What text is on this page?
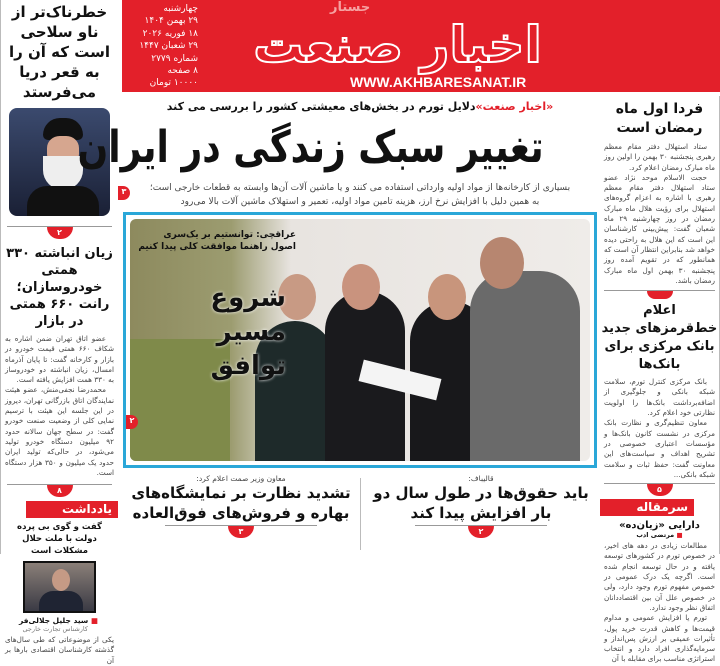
جستار
اخبار صنعت
WWW.AKHBARESANAT.IR
چهارشنبه
۲۹ بهمن ۱۴۰۴
۱۸ فوریه ۲۰۲۶
۲۹ شعبان ۱۴۴۷
شماره ۲۷۷۹
۸ صفحه
۱۰۰۰۰ تومان
خطرناک‌تر از ناو سلاحی است که آن را به قعر دریا می‌فرستد
۲
زیان انباشته ۳۳۰ همتی خودروسازان؛ رانت ۶۶۰ همتی در بازار

عضو اتاق تهران ضمن اشاره به شکاف ۶۶۰ همتی قیمت خودرو در بازار و کارخانه گفت: تا پایان آذرماه امسال، زیان انباشته دو خودروساز به ۳۳۰ همت افزایش یافته است.

محمدرضا نجفی‌منش، عضو هیئت نمایندگان اتاق بازرگانی تهران، دیروز در این جلسه این هیئت با ترسیم نمایی کلی از وضعیت صنعت خودرو گفت: در سطح جهان سالانه حدود ۹۲ میلیون دستگاه خودرو تولید می‌شود، در حالی‌که تولید ایران حدود یک میلیون و ۳۵۰ هزار دستگاه است.

۸
یادداشت
گفت و گوی بی پرده دولت با ملت حلال مشکلات است
■ سید جلیل جلالی‌فر
کارشناس تجارت خارجی

یکی از موضوعاتی که طی سال‌های گذشته کارشناسان اقتصادی بارها بر آن

«اخبار صنعت»دلایل تورم در بخش‌های معیشتی کشور را بررسی می کند
تغییر سبک زندگی در ایران
بسیاری از کارخانه‌ها از مواد اولیه وارداتی استفاده می کنند و یا ماشین آلات آن‌ها وابسته به قطعات خارجی است؛
به همین دلیل با افزایش نرخ ارز، هزینه تامین مواد اولیه، تعمیر و استهلاک ماشین آلات بالا می‌رود
۳
عراقچی: توانستیم بر یک‌سری اصول راهنما موافقت کلی پیدا کنیم
شروع مسیر توافق
۲
قالیباف:
باید حقوق‌ها در طول سال دو بار افزایش پیدا کند
۲
معاون وزیر صمت اعلام کرد:
تشدید نظارت بر نمایشگاه‌های بهاره و فروش‌های فوق‌العاده
۳
فردا اول ماه رمضان است

ستاد استهلال دفتر مقام معظم رهبری پنجشنبه ۳۰ بهمن را اولین روز ماه مبارک رمضان اعلام کرد.

حجت الاسلام موحد نژاد عضو ستاد استهلال دفتر مقام معظم رهبری با اشاره به اعزام گروه‌های استهلال برای رؤیت هلال ماه مبارک رمضان در روز چهارشنبه ۲۹ ماه شعبان گفت: پیش‌بینی کارشناسان این است که این هلال به راحتی دیده خواهد شد بنابراین انتظار آن است که همانطور که در تقویم آمده روز پنجشنبه ۳۰ بهمن اول ماه مبارک رمضان باشد.

اعلام خط‌قرمزهای جدید بانک مرکزی برای بانک‌ها

بانک مرکزی کنترل تورم، سلامت شبکه بانکی و جلوگیری از اضافه‌برداشت بانک‌ها را اولویت نظارتی خود اعلام کرد.

معاون تنظیم‌گری و نظارت بانک مرکزی در نشست کانون بانک‌ها و مؤسسات اعتباری خصوصی در تشریح اهداف و سیاست‌های این معاونت گفت: حفظ ثبات و سلامت شبکه بانکی...

۵
سرمقاله
دارایی «زیان‌ده»
■ مرتضی ادب

مطالعات زیادی در دهه های اخیر، در خصوص تورم در کشورهای توسعه یافته و در حال توسعه انجام شده است. اگرچه یک درک عمومی در خصوص مفهوم تورم وجود دارد، ولی در خصوص علل آن بین اقتصاددانان اتفاق نظر وجود ندارد.

تورم یا افزایش عمومی و مداوم قیمت‌ها و کاهش قدرت خرید پول، تأثیرات عمیقی بر ارزش پس‌انداز و سرمایه‌گذاری افراد دارد و انتخاب استراتژی مناسب برای مقابله با آن
